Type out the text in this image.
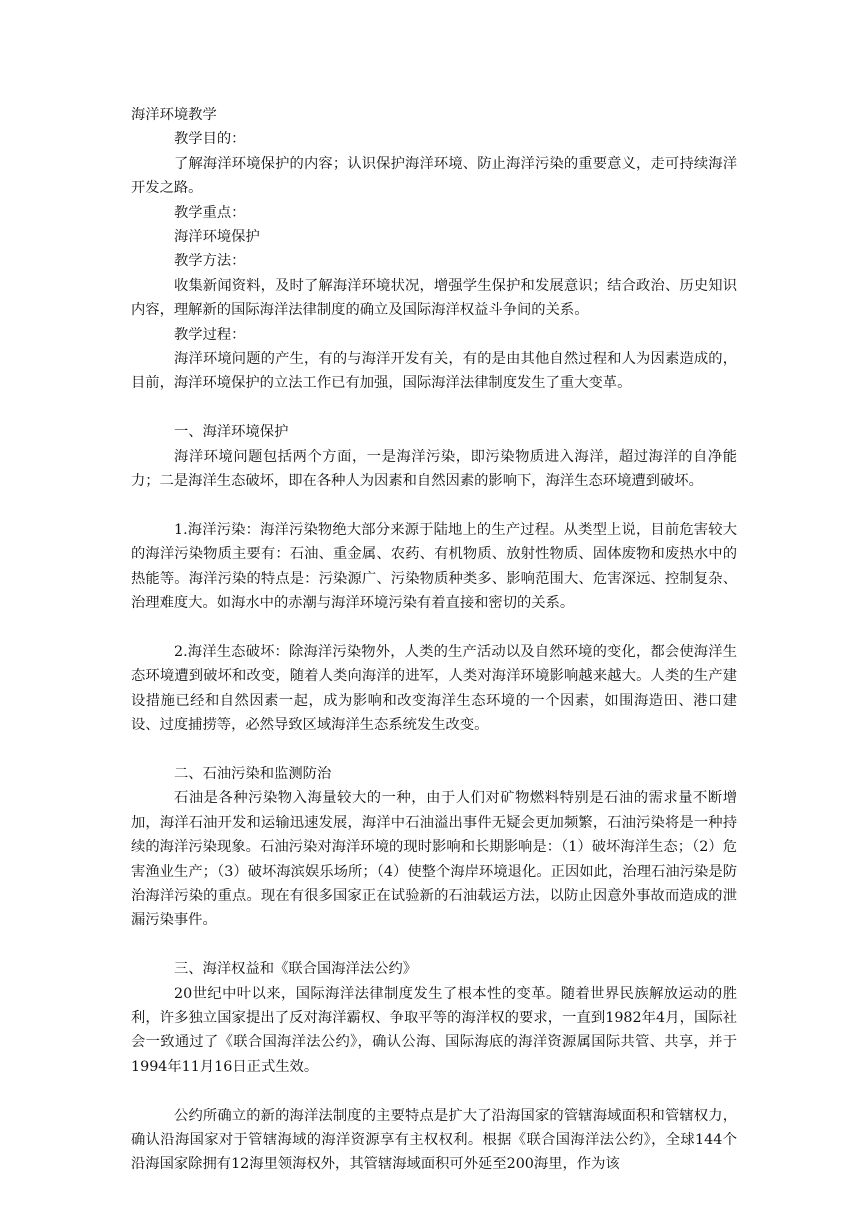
海洋环境教学

教学目的：

了解海洋环境保护的内容；认识保护海洋环境、防止海洋污染的重要意义，走可持续海洋开发之路。

教学重点：

海洋环境保护

教学方法：

收集新闻资料，及时了解海洋环境状况，增强学生保护和发展意识；结合政治、历史知识内容，理解新的国际海洋法律制度的确立及国际海洋权益斗争间的关系。

教学过程：

海洋环境问题的产生，有的与海洋开发有关，有的是由其他自然过程和人为因素造成的，目前，海洋环境保护的立法工作已有加强，国际海洋法律制度发生了重大变革。

一、海洋环境保护

海洋环境问题包括两个方面，一是海洋污染，即污染物质进入海洋，超过海洋的自净能力；二是海洋生态破坏，即在各种人为因素和自然因素的影响下，海洋生态环境遭到破坏。

1.海洋污染：海洋污染物绝大部分来源于陆地上的生产过程。从类型上说，目前危害较大的海洋污染物质主要有：石油、重金属、农药、有机物质、放射性物质、固体废物和废热水中的热能等。海洋污染的特点是：污染源广、污染物质种类多、影响范围大、危害深远、控制复杂、治理难度大。如海水中的赤潮与海洋环境污染有着直接和密切的关系。

2.海洋生态破坏：除海洋污染物外，人类的生产活动以及自然环境的变化，都会使海洋生态环境遭到破坏和改变，随着人类向海洋的进军，人类对海洋环境影响越来越大。人类的生产建设措施已经和自然因素一起，成为影响和改变海洋生态环境的一个因素，如围海造田、港口建设、过度捕捞等，必然导致区域海洋生态系统发生改变。

二、石油污染和监测防治

石油是各种污染物入海量较大的一种，由于人们对矿物燃料特别是石油的需求量不断增加，海洋石油开发和运输迅速发展，海洋中石油溢出事件无疑会更加频繁，石油污染将是一种持续的海洋污染现象。石油污染对海洋环境的现时影响和长期影响是：（1）破坏海洋生态；（2）危害渔业生产；（3）破坏海滨娱乐场所；（4）使整个海岸环境退化。正因如此，治理石油污染是防治海洋污染的重点。现在有很多国家正在试验新的石油载运方法，以防止因意外事故而造成的泄漏污染事件。

三、海洋权益和《联合国海洋法公约》

20世纪中叶以来，国际海洋法律制度发生了根本性的变革。随着世界民族解放运动的胜利，许多独立国家提出了反对海洋霸权、争取平等的海洋权的要求，一直到1982年4月，国际社会一致通过了《联合国海洋法公约》，确认公海、国际海底的海洋资源属国际共管、共享，并于1994年11月16日正式生效。

公约所确立的新的海洋法制度的主要特点是扩大了沿海国家的管辖海域面积和管辖权力，确认沿海国家对于管辖海域的海洋资源享有主权权利。根据《联合国海洋法公约》，全球144个沿海国家除拥有12海里领海权外，其管辖海域面积可外延至200海里，作为该
